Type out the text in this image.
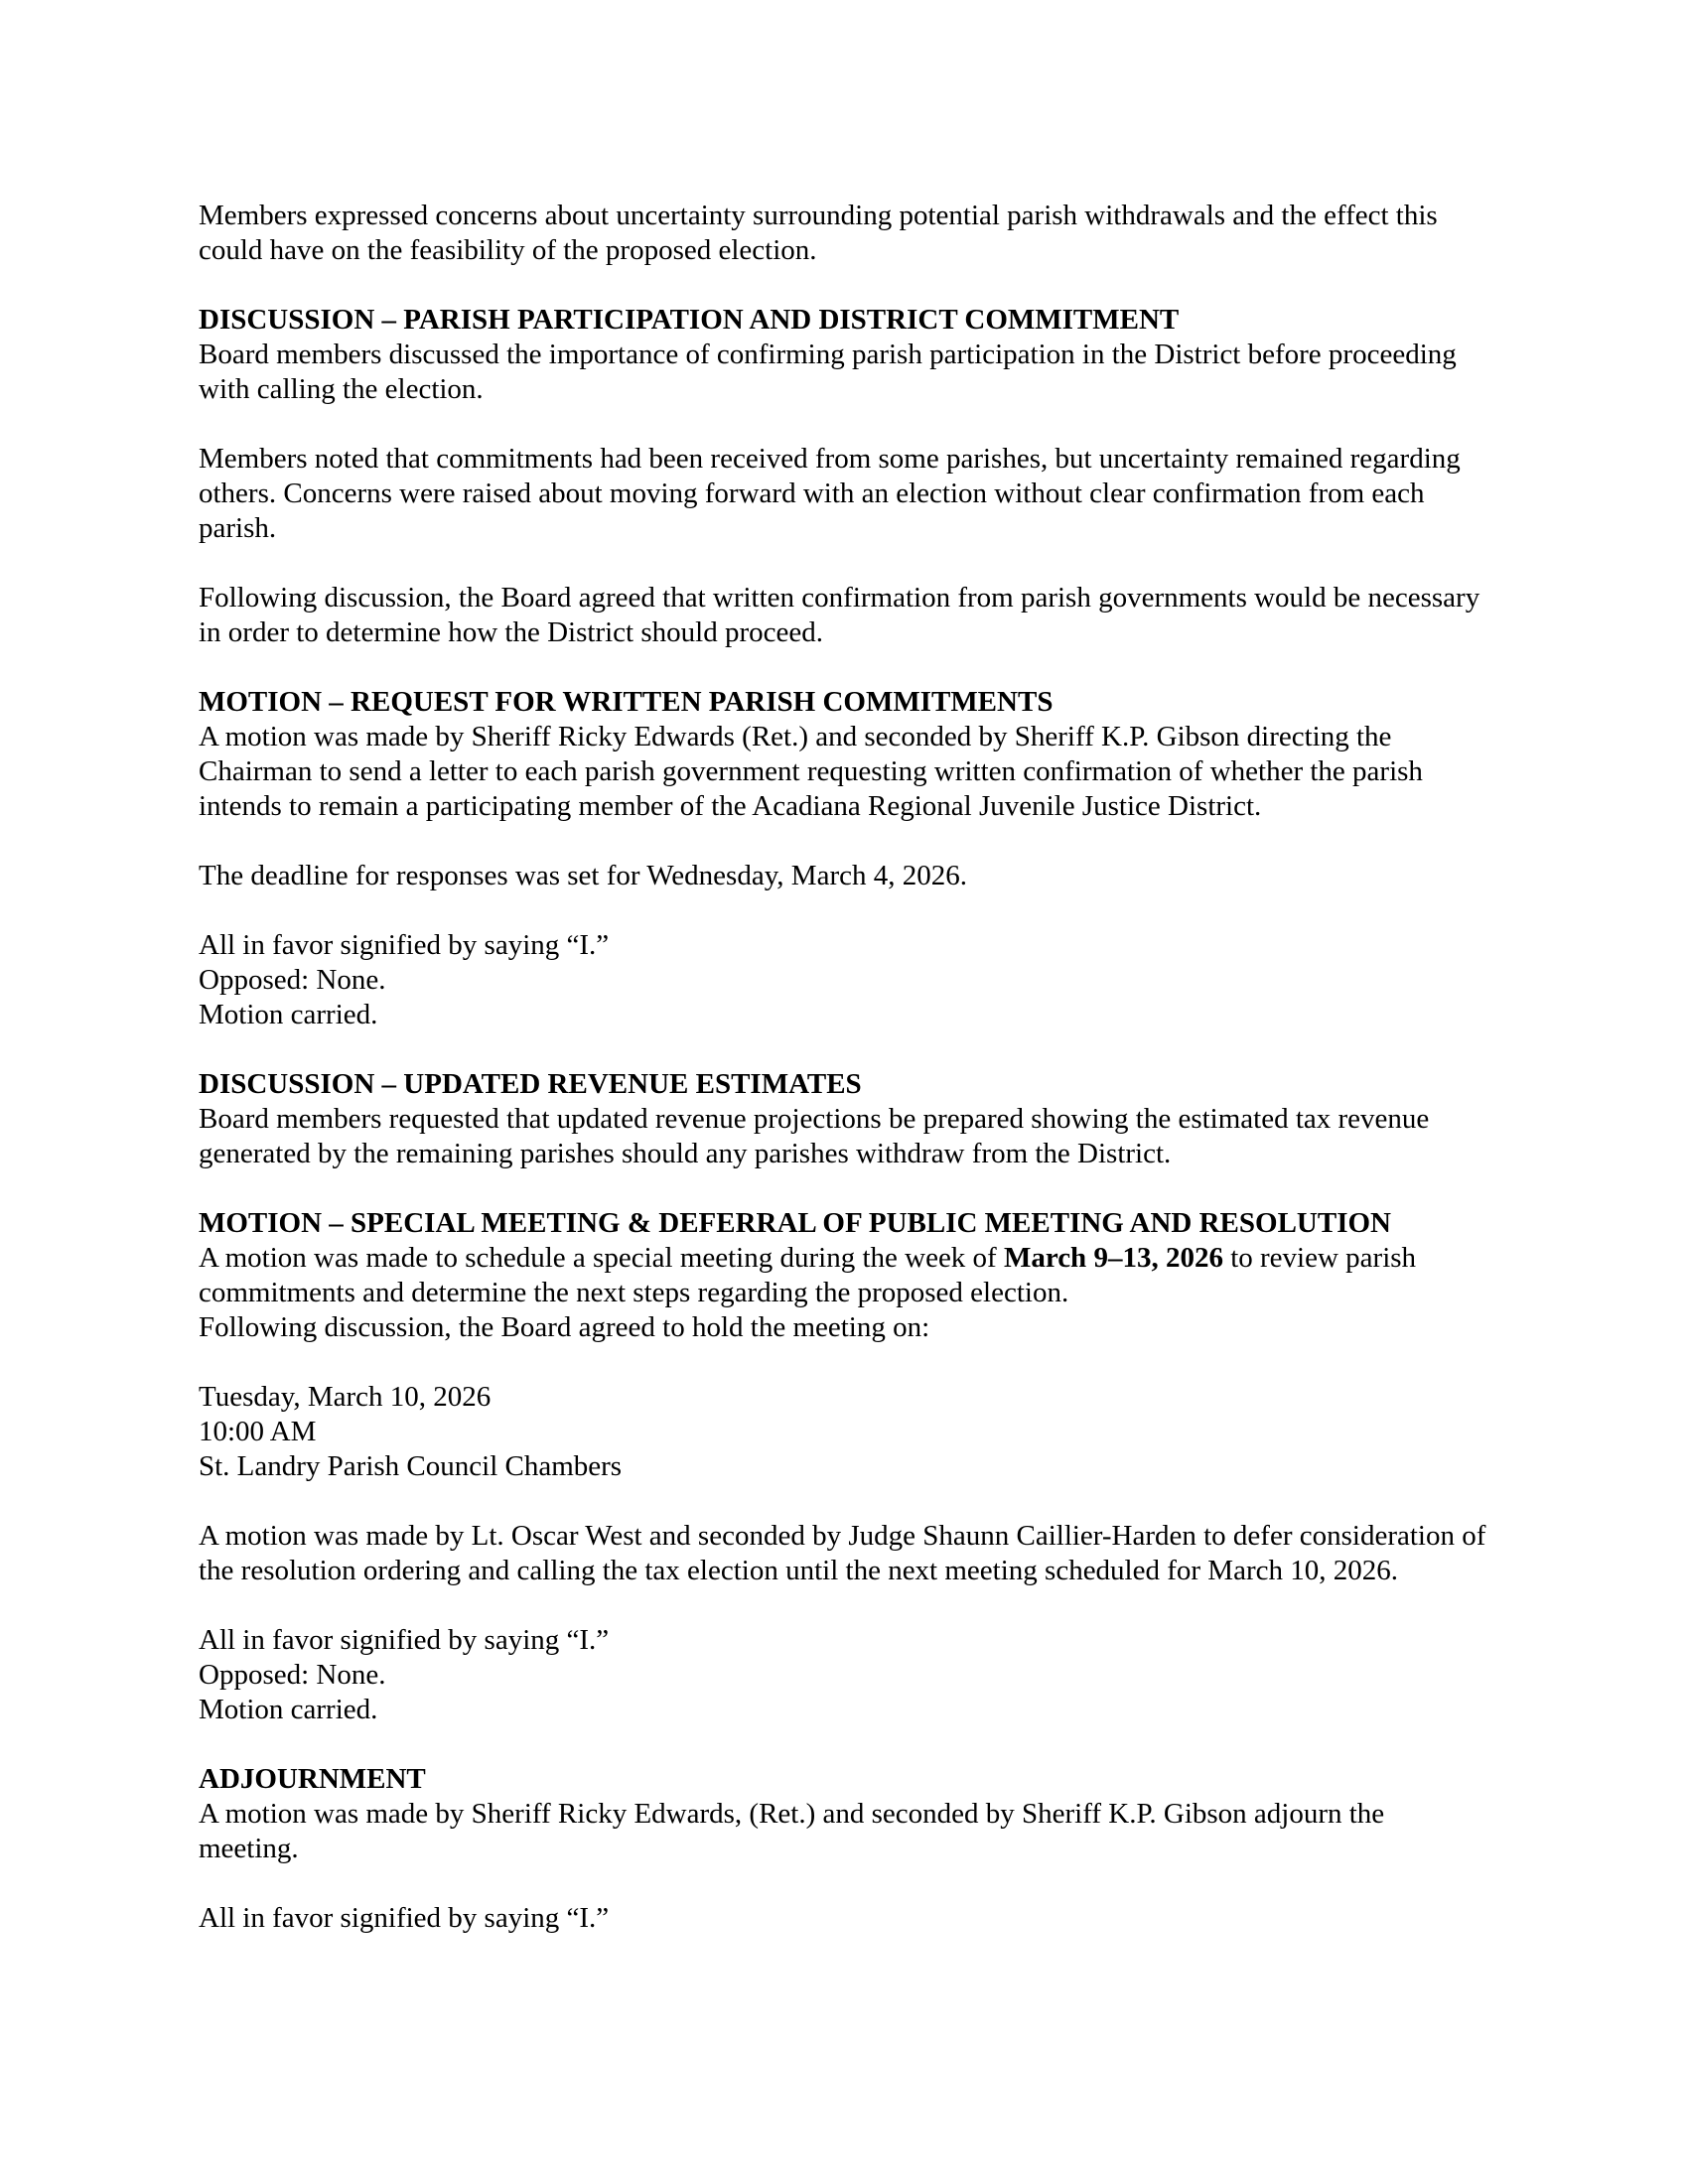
Members expressed concerns about uncertainty surrounding potential parish withdrawals and the effect this could have on the feasibility of the proposed election.

DISCUSSION – PARISH PARTICIPATION AND DISTRICT COMMITMENT

Board members discussed the importance of confirming parish participation in the District before proceeding with calling the election.

Members noted that commitments had been received from some parishes, but uncertainty remained regarding others. Concerns were raised about moving forward with an election without clear confirmation from each parish.

Following discussion, the Board agreed that written confirmation from parish governments would be necessary in order to determine how the District should proceed.

MOTION – REQUEST FOR WRITTEN PARISH COMMITMENTS

A motion was made by Sheriff Ricky Edwards (Ret.) and seconded by Sheriff K.P. Gibson directing the Chairman to send a letter to each parish government requesting written confirmation of whether the parish intends to remain a participating member of the Acadiana Regional Juvenile Justice District.

The deadline for responses was set for Wednesday, March 4, 2026.

All in favor signified by saying “I.”
Opposed: None.
Motion carried.

DISCUSSION – UPDATED REVENUE ESTIMATES

Board members requested that updated revenue projections be prepared showing the estimated tax revenue generated by the remaining parishes should any parishes withdraw from the District.

MOTION – SPECIAL MEETING & DEFERRAL OF PUBLIC MEETING AND RESOLUTION

A motion was made to schedule a special meeting during the week of March 9–13, 2026 to review parish commitments and determine the next steps regarding the proposed election.
Following discussion, the Board agreed to hold the meeting on:

Tuesday, March 10, 2026
10:00 AM
St. Landry Parish Council Chambers

A motion was made by Lt. Oscar West and seconded by Judge Shaunn Caillier-Harden to defer consideration of the resolution ordering and calling the tax election until the next meeting scheduled for March 10, 2026.

All in favor signified by saying “I.”
Opposed: None.
Motion carried.

ADJOURNMENT

A motion was made by Sheriff Ricky Edwards, (Ret.) and seconded by Sheriff K.P. Gibson adjourn the meeting.

All in favor signified by saying “I.”
